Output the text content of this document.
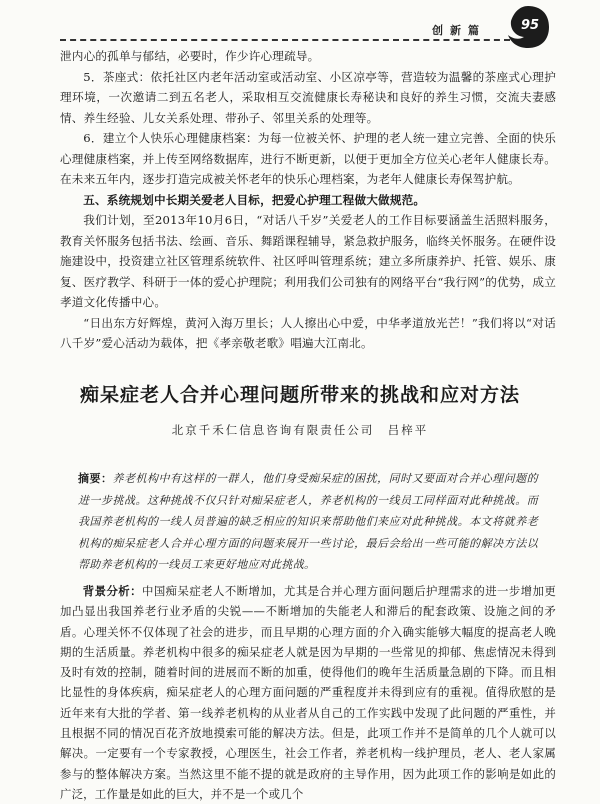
创新篇	95

泄内心的孤单与郁结，必要时，作少许心理疏导。

5．茶座式：依托社区内老年活动室或活动室、小区凉亭等，营造较为温馨的茶座式心理护理环境，一次邀请二到五名老人，采取相互交流健康长寿秘诀和良好的养生习惯，交流夫妻感情、养生经验、儿女关系处理、带孙子、邻里关系的处理等。

6．建立个人快乐心理健康档案：为每一位被关怀、护理的老人统一建立完善、全面的快乐心理健康档案，并上传至网络数据库，进行不断更新，以便于更加全方位关心老年人健康长寿。在未来五年内，逐步打造完成被关怀老年的快乐心理档案，为老年人健康长寿保驾护航。

五、系统规划中长期关爱老人目标，把爱心护理工程做大做规范。

我们计划，至2013年10月6日，“对话八千岁”关爱老人的工作目标要涵盖生活照料服务，教育关怀服务包括书法、绘画、音乐、舞蹈课程辅导，紧急救护服务，临终关怀服务。在硬件设施建设中，投资建立社区管理系统软件、社区呼叫管理系统；建立多所康养护、托管、娱乐、康复、医疗教学、科研于一体的爱心护理院；利用我们公司独有的网络平台“我行网”的优势，成立孝道文化传播中心。

“日出东方好辉煌，黄河入海万里长；人人擦出心中爱，中华孝道放光芒！”我们将以“对话八千岁”爱心活动为载体，把《孝亲敬老歌》唱遍大江南北。

痴呆症老人合并心理问题所带来的挑战和应对方法

北京千禾仁信息咨询有限责任公司　吕梓平

摘要：养老机构中有这样的一群人，他们身受痴呆症的困扰，同时又要面对合并心理问题的进一步挑战。这种挑战不仅只针对痴呆症老人，养老机构的一线员工同样面对此种挑战。而我国养老机构的一线人员普遍的缺乏相应的知识来帮助他们来应对此种挑战。本文将就养老机构的痴呆症老人合并心理方面的问题来展开一些讨论，最后会给出一些可能的解决方法以帮助养老机构的一线员工来更好地应对此挑战。

背景分析：中国痴呆症老人不断增加，尤其是合并心理方面问题后护理需求的进一步增加更加凸显出我国养老行业矛盾的尖锐——不断增加的失能老人和滞后的配套政策、设施之间的矛盾。心理关怀不仅体现了社会的进步，而且早期的心理方面的介入确实能够大幅度的提高老人晚期的生活质量。养老机构中很多的痴呆症老人就是因为早期的一些常见的抑郁、焦虑情况未得到及时有效的控制，随着时间的进展而不断的加重，使得他们的晚年生活质量急剧的下降。而且相比显性的身体疾病，痴呆症老人的心理方面问题的严重程度并未得到应有的重视。值得欣慰的是近年来有大批的学者、第一线养老机构的从业者从自己的工作实践中发现了此问题的严重性，并且根据不同的情况百花齐放地摸索可能的解决方法。但是，此项工作并不是简单的几个人就可以解决。一定要有一个专家教授，心理医生，社会工作者，养老机构一线护理员，老人、老人家属参与的整体解决方案。当然这里不能不提的就是政府的主导作用，因为此项工作的影响是如此的广泛，工作量是如此的巨大，并不是一个或几个
